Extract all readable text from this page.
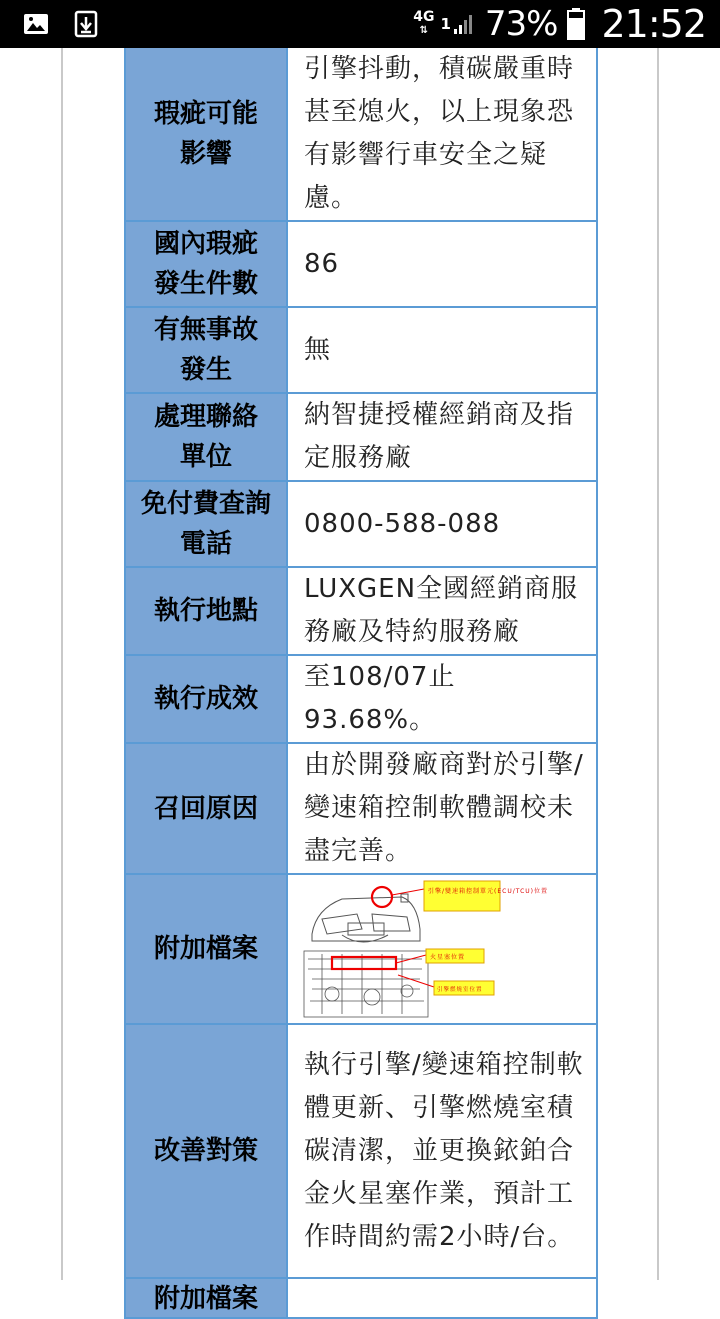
4G
⇅ 1 73% 21:52
瑕疵可能影響	引擎抖動，積碳嚴重時甚至熄火，以上現象恐有影響行車安全之疑慮。

國內瑕疵發生件數	86

有無事故發生	無

處理聯絡單位	納智捷授權經銷商及指定服務廠

免付費查詢電話	0800-588-088
執行地點	LUXGEN全國經銷商服務廠及特約服務廠
執行成效	至108/07止93.68%。

召回原因	由於開發廠商對於引擎/變速箱控制軟體調校未盡完善。
附加檔案	引擎/變速箱控制單元(ECU/TCU)位置
火星塞位置
引擎燃燒室位置

改善對策	執行引擎/變速箱控制軟體更新、引擎燃燒室積碳清潔，並更換銥鉑合金火星塞作業，預計工作時間約需2小時/台。

附加檔案	
